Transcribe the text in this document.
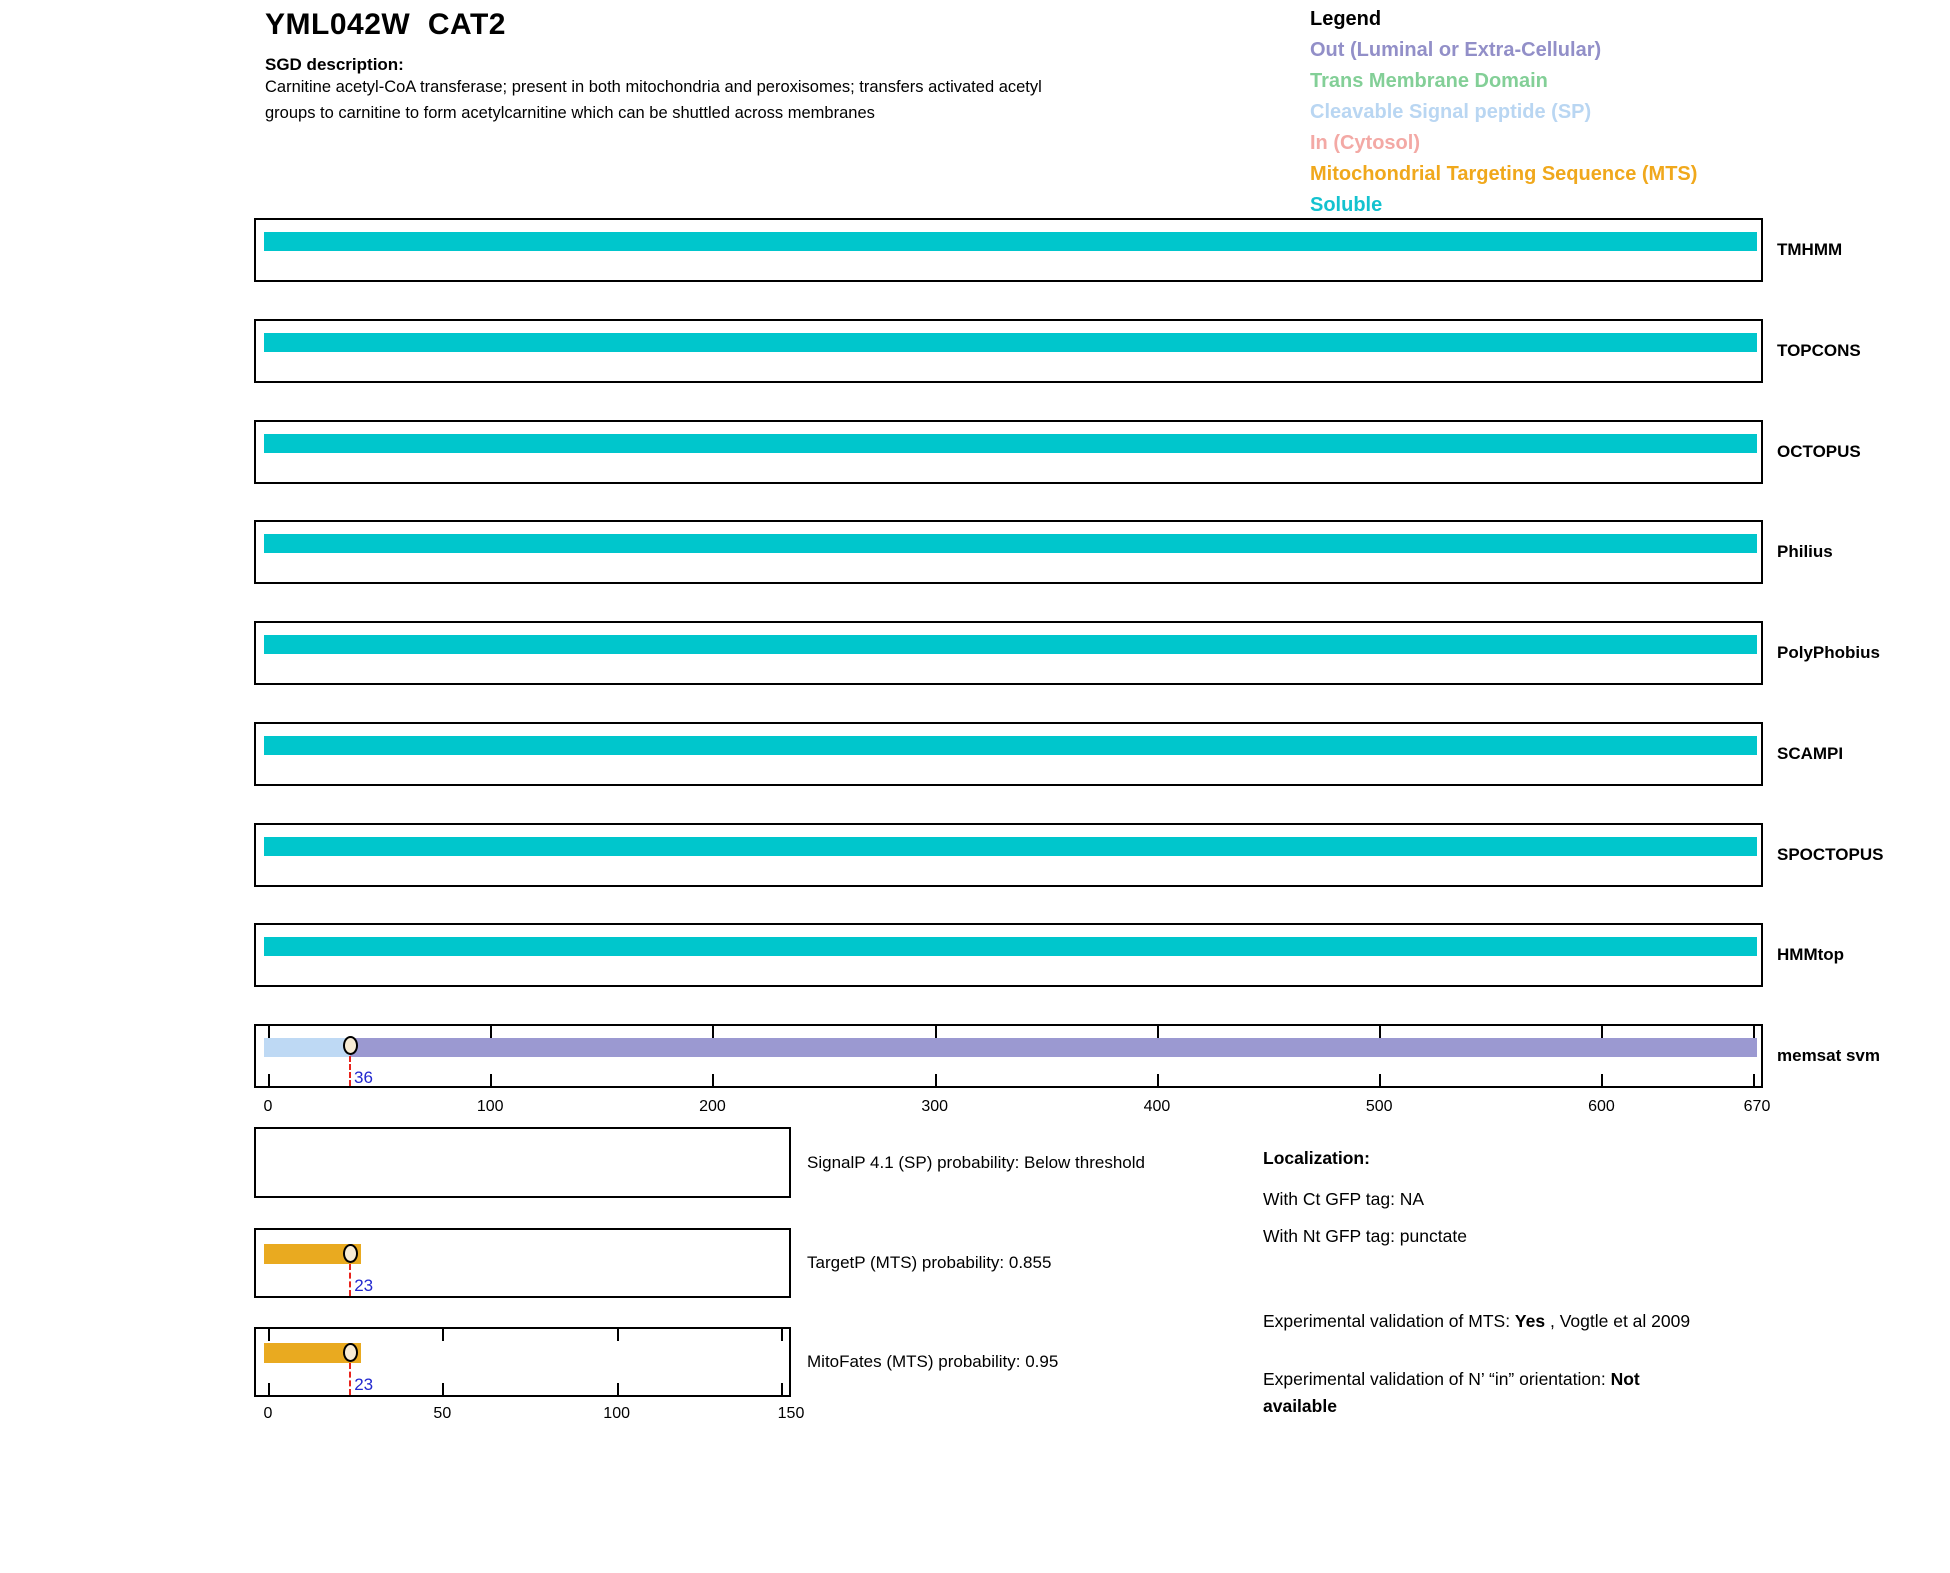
YML042W  CAT2
SGD description:
Carnitine acetyl-CoA transferase; present in both mitochondria and peroxisomes; transfers activated acetyl groups to carnitine to form acetylcarnitine which can be shuttled across membranes
Legend
Out (Luminal or Extra-Cellular)
Trans Membrane Domain
Cleavable Signal peptide (SP)
In (Cytosol)
Mitochondrial Targeting Sequence (MTS)
Soluble
TMHMM
TOPCONS
OCTOPUS
Philius
PolyPhobius
SCAMPI
SPOCTOPUS
HMMtop
36
memsat svm
0	100	200	300	400	500	600	670
SignalP 4.1 (SP) probability: Below threshold
23
TargetP (MTS) probability: 0.855
23
MitoFates (MTS) probability: 0.95
0	50	100	150
Localization:
With Ct GFP tag: NA
With Nt GFP tag: punctate
Experimental validation of MTS: Yes , Vogtle et al 2009
Experimental validation of N’ “in” orientation: Not available
